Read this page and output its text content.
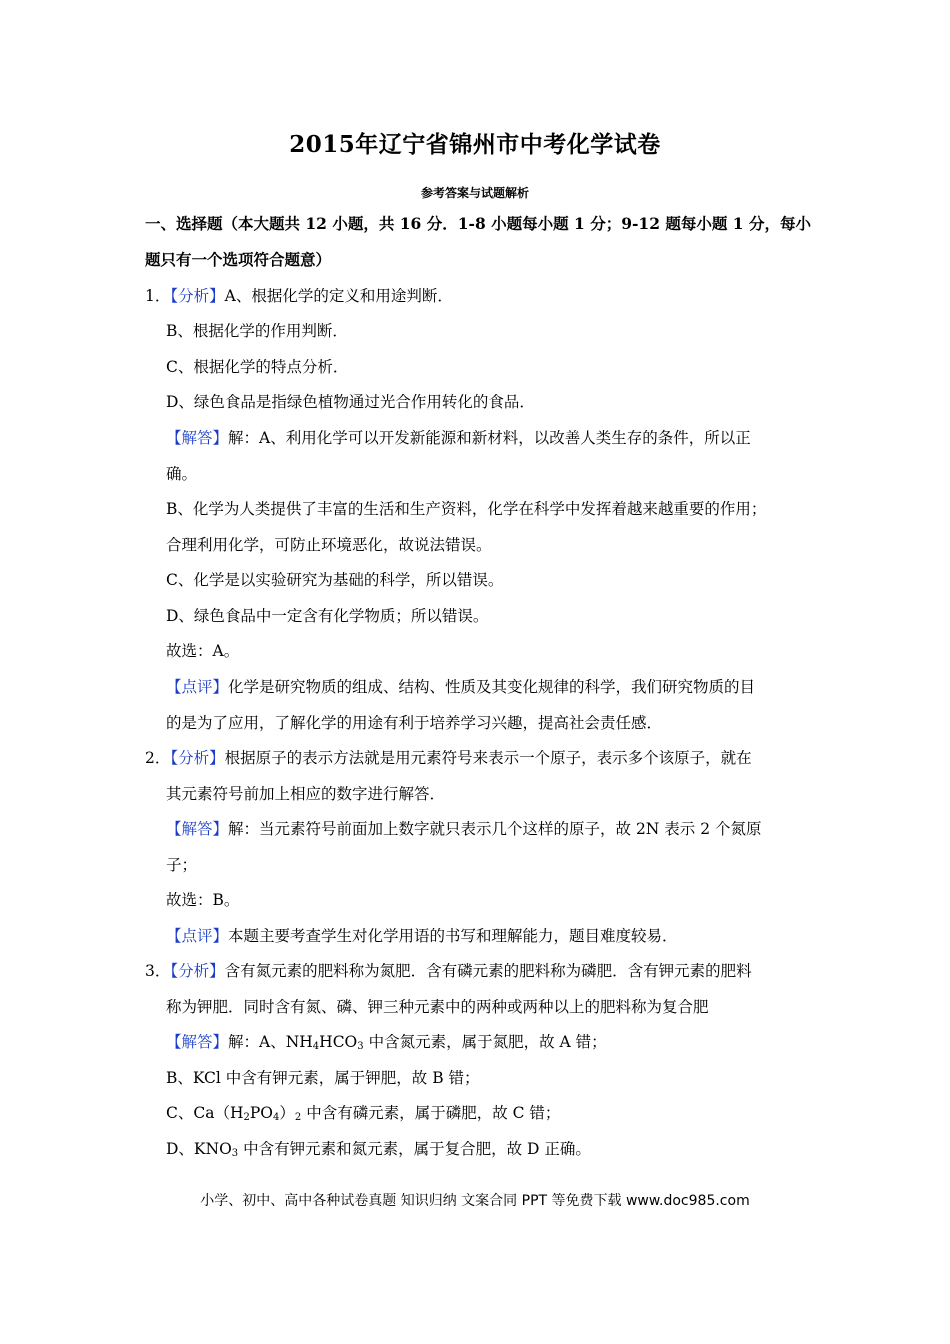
2015年辽宁省锦州市中考化学试卷
参考答案与试题解析
一、选择题（本大题共 12 小题，共 16 分．1-8 小题每小题 1 分；9-12 题每小题 1 分，每小
题只有一个选项符合题意）
1．【分析】A、根据化学的定义和用途判断．
B、根据化学的作用判断．
C、根据化学的特点分析．
D、绿色食品是指绿色植物通过光合作用转化的食品．
【解答】解：A、利用化学可以开发新能源和新材料，以改善人类生存的条件，所以正
确。
B、化学为人类提供了丰富的生活和生产资料，化学在科学中发挥着越来越重要的作用；
合理利用化学，可防止环境恶化，故说法错误。
C、化学是以实验研究为基础的科学，所以错误。
D、绿色食品中一定含有化学物质；所以错误。
故选：A。
【点评】化学是研究物质的组成、结构、性质及其变化规律的科学，我们研究物质的目
的是为了应用，了解化学的用途有利于培养学习兴趣，提高社会责任感．
2．【分析】根据原子的表示方法就是用元素符号来表示一个原子，表示多个该原子，就在
其元素符号前加上相应的数字进行解答．
【解答】解：当元素符号前面加上数字就只表示几个这样的原子，故 2N 表示 2 个氮原
子；
故选：B。
【点评】本题主要考查学生对化学用语的书写和理解能力，题目难度较易．
3．【分析】含有氮元素的肥料称为氮肥．含有磷元素的肥料称为磷肥．含有钾元素的肥料
称为钾肥．同时含有氮、磷、钾三种元素中的两种或两种以上的肥料称为复合肥
【解答】解：A、$NH_4HCO_3$ 中含氮元素，属于氮肥，故 A 错；
B、KCl 中含有钾元素，属于钾肥，故 B 错；
C、$Ca(H_2PO_4)_2$ 中含有磷元素，属于磷肥，故 C 错；
D、$KNO_3$ 中含有钾元素和氮元素，属于复合肥，故 D 正确。
小学、初中、高中各种试卷真题 知识归纳 文案合同 PPT 等免费下载 www.doc985.com
